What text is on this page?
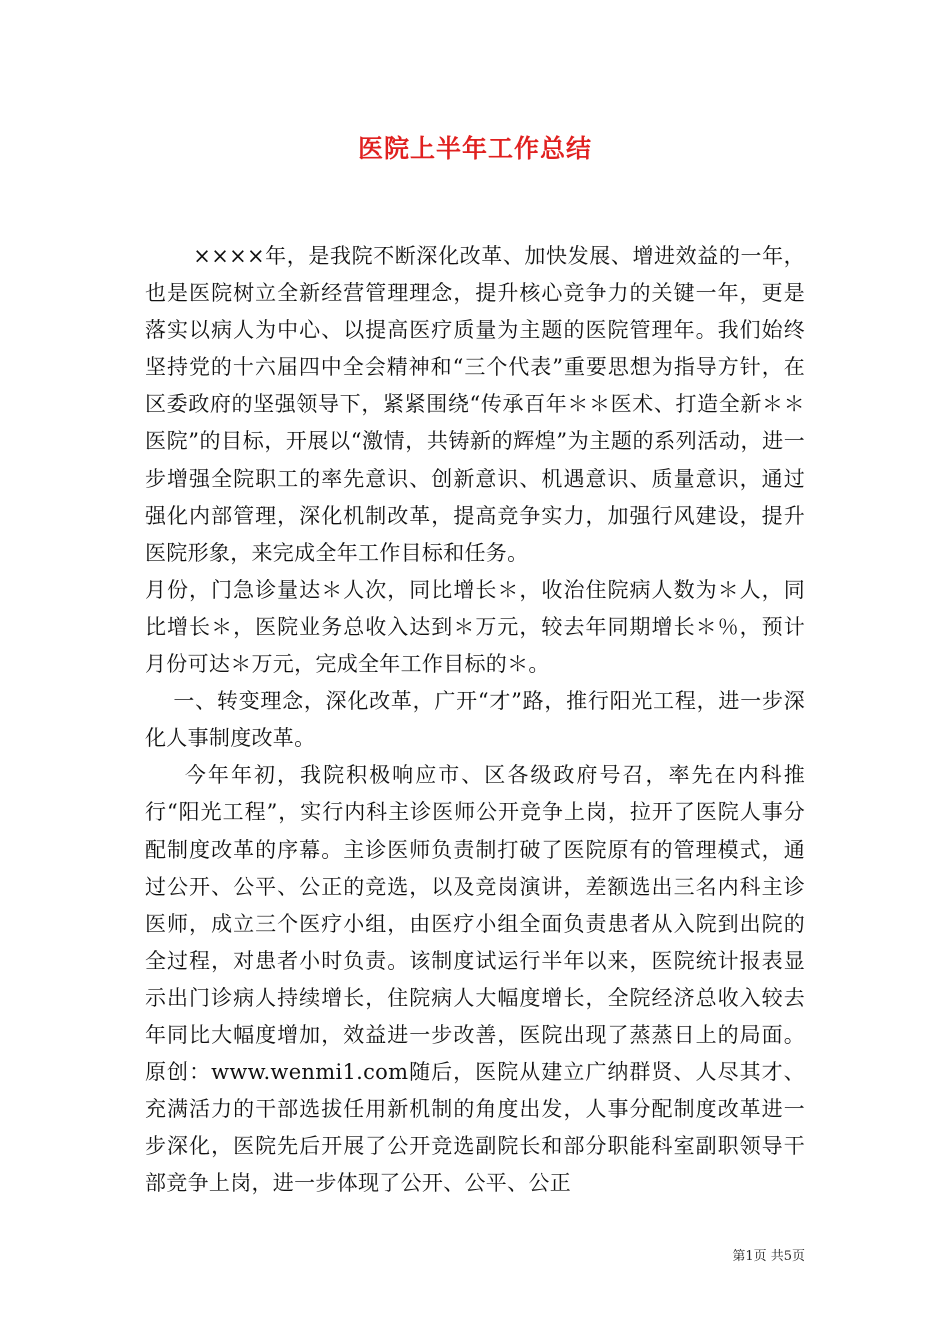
医院上半年工作总结

××××年，是我院不断深化改革、加快发展、增进效益的一年，也是医院树立全新经营管理理念，提升核心竞争力的关键一年，更是落实以病人为中心、以提高医疗质量为主题的医院管理年。我们始终坚持党的十六届四中全会精神和“三个代表”重要思想为指导方针，在区委政府的坚强领导下，紧紧围绕“传承百年＊＊医术、打造全新＊＊医院”的目标，开展以“激情，共铸新的辉煌”为主题的系列活动，进一步增强全院职工的率先意识、创新意识、机遇意识、质量意识，通过强化内部管理，深化机制改革，提高竞争实力，加强行风建设，提升医院形象，来完成全年工作目标和任务。

月份，门急诊量达＊人次，同比增长＊，收治住院病人数为＊人，同比增长＊，医院业务总收入达到＊万元，较去年同期增长＊％，预计月份可达＊万元，完成全年工作目标的＊。

一、转变理念，深化改革，广开“才”路，推行阳光工程，进一步深化人事制度改革。

今年年初，我院积极响应市、区各级政府号召，率先在内科推行“阳光工程”，实行内科主诊医师公开竞争上岗，拉开了医院人事分配制度改革的序幕。主诊医师负责制打破了医院原有的管理模式，通过公开、公平、公正的竞选，以及竞岗演讲，差额选出三名内科主诊医师，成立三个医疗小组，由医疗小组全面负责患者从入院到出院的全过程，对患者小时负责。该制度试运行半年以来，医院统计报表显示出门诊病人持续增长，住院病人大幅度增长，全院经济总收入较去年同比大幅度增加，效益进一步改善，医院出现了蒸蒸日上的局面。原创：www.wenmi1.com随后，医院从建立广纳群贤、人尽其才、充满活力的干部选拔任用新机制的角度出发，人事分配制度改革进一步深化，医院先后开展了公开竞选副院长和部分职能科室副职领导干部竞争上岗，进一步体现了公开、公平、公正

第1页 共5页
